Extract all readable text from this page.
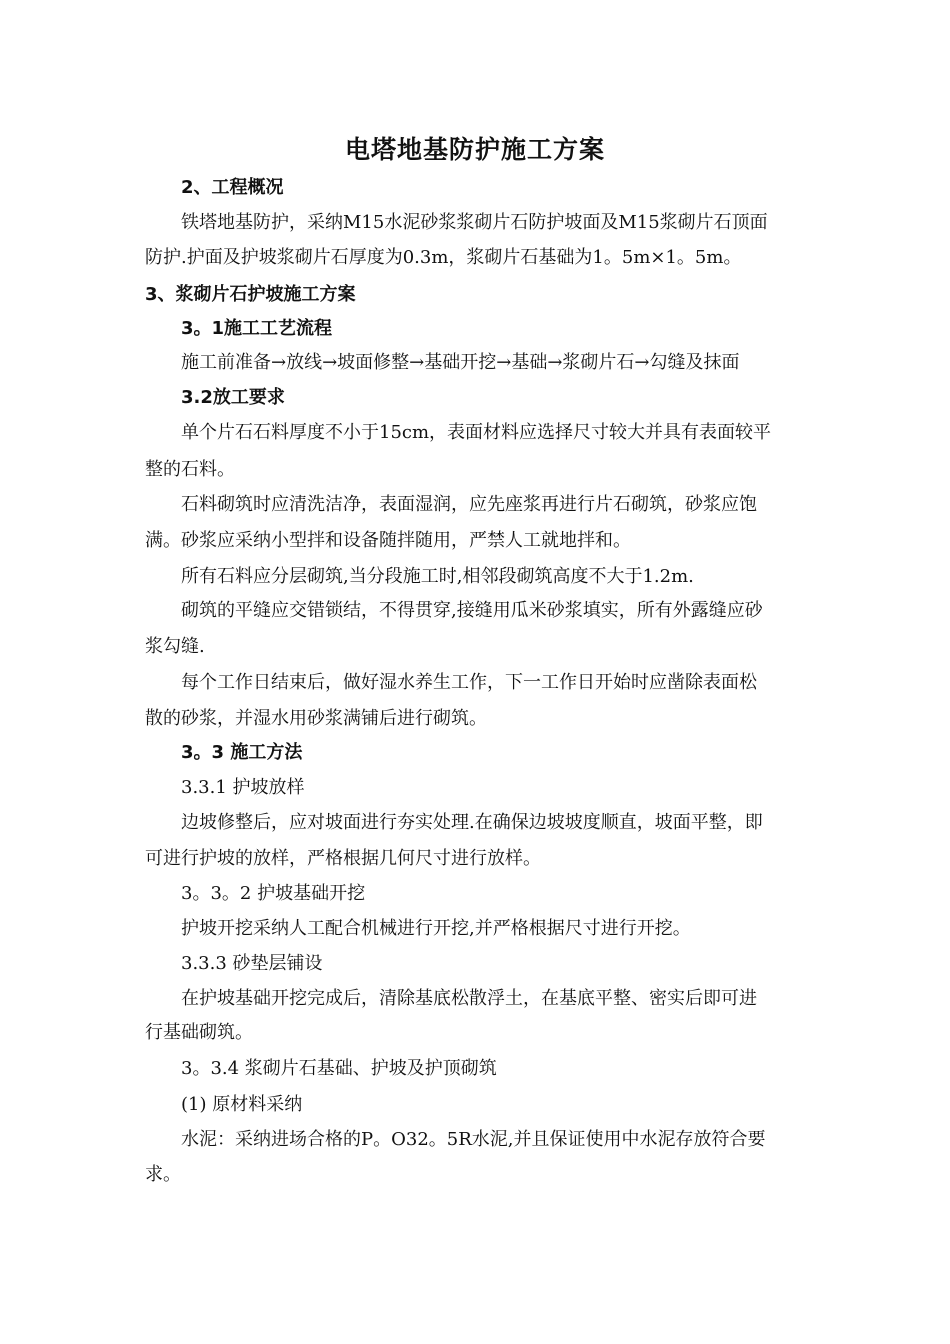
电塔地基防护施工方案
2、工程概况
铁塔地基防护，采纳M15水泥砂浆浆砌片石防护坡面及M15浆砌片石顶面
防护.护面及护坡浆砌片石厚度为0.3m，浆砌片石基础为1。5m×1。5m。
3、浆砌片石护坡施工方案
3。1施工工艺流程
施工前准备→放线→坡面修整→基础开挖→基础→浆砌片石→勾缝及抹面
3.2放工要求
单个片石石料厚度不小于15cm，表面材料应选择尺寸较大并具有表面较平
整的石料。
石料砌筑时应清洗洁净，表面湿润，应先座浆再进行片石砌筑，砂浆应饱
满。砂浆应采纳小型拌和设备随拌随用，严禁人工就地拌和。
所有石料应分层砌筑,当分段施工时,相邻段砌筑高度不大于1.2m.
砌筑的平缝应交错锁结，不得贯穿,接缝用瓜米砂浆填实，所有外露缝应砂
浆勾缝.
每个工作日结束后，做好湿水养生工作，下一工作日开始时应凿除表面松
散的砂浆，并湿水用砂浆满铺后进行砌筑。
3。3 施工方法
3.3.1 护坡放样
边坡修整后，应对坡面进行夯实处理.在确保边坡坡度顺直，坡面平整，即
可进行护坡的放样，严格根据几何尺寸进行放样。
3。3。2 护坡基础开挖
护坡开挖采纳人工配合机械进行开挖,并严格根据尺寸进行开挖。
3.3.3 砂垫层铺设
在护坡基础开挖完成后，清除基底松散浮土，在基底平整、密实后即可进
行基础砌筑。
3。3.4 浆砌片石基础、护坡及护顶砌筑
(1) 原材料采纳
水泥：采纳进场合格的P。O32。5R水泥,并且保证使用中水泥存放符合要
求。
